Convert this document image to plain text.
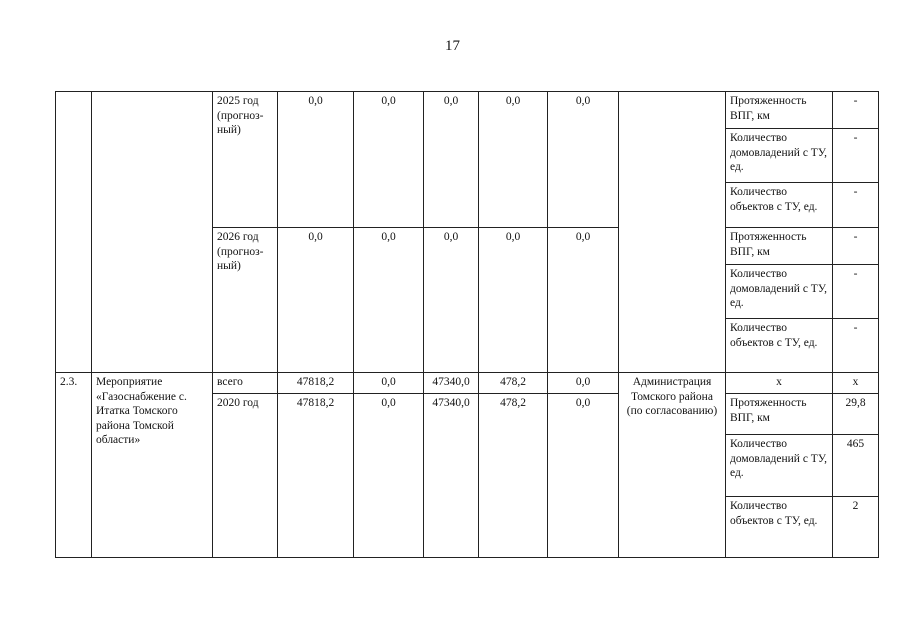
17
		2025 год (прогноз-ный)	0,0	0,0	0,0	0,0	0,0		Протяженность ВПГ, км	-
									Количество домовладений с ТУ, ед.	-
									Количество объектов с ТУ, ед.	-
		2026 год (прогноз-ный)	0,0	0,0	0,0	0,0	0,0		Протяженность ВПГ, км	-
									Количество домовладений с ТУ, ед.	-
									Количество объектов с ТУ, ед.	-
2.3.	Мероприятие «Газоснабжение с. Итатка Томского района Томской области»	всего	47818,2	0,0	47340,0	478,2	0,0	Администрация Томского района (по согласованию)	x	x
		2020 год	47818,2	0,0	47340,0	478,2	0,0		Протяженность ВПГ, км	29,8
									Количество домовладений с ТУ, ед.	465
									Количество объектов с ТУ, ед.	2
